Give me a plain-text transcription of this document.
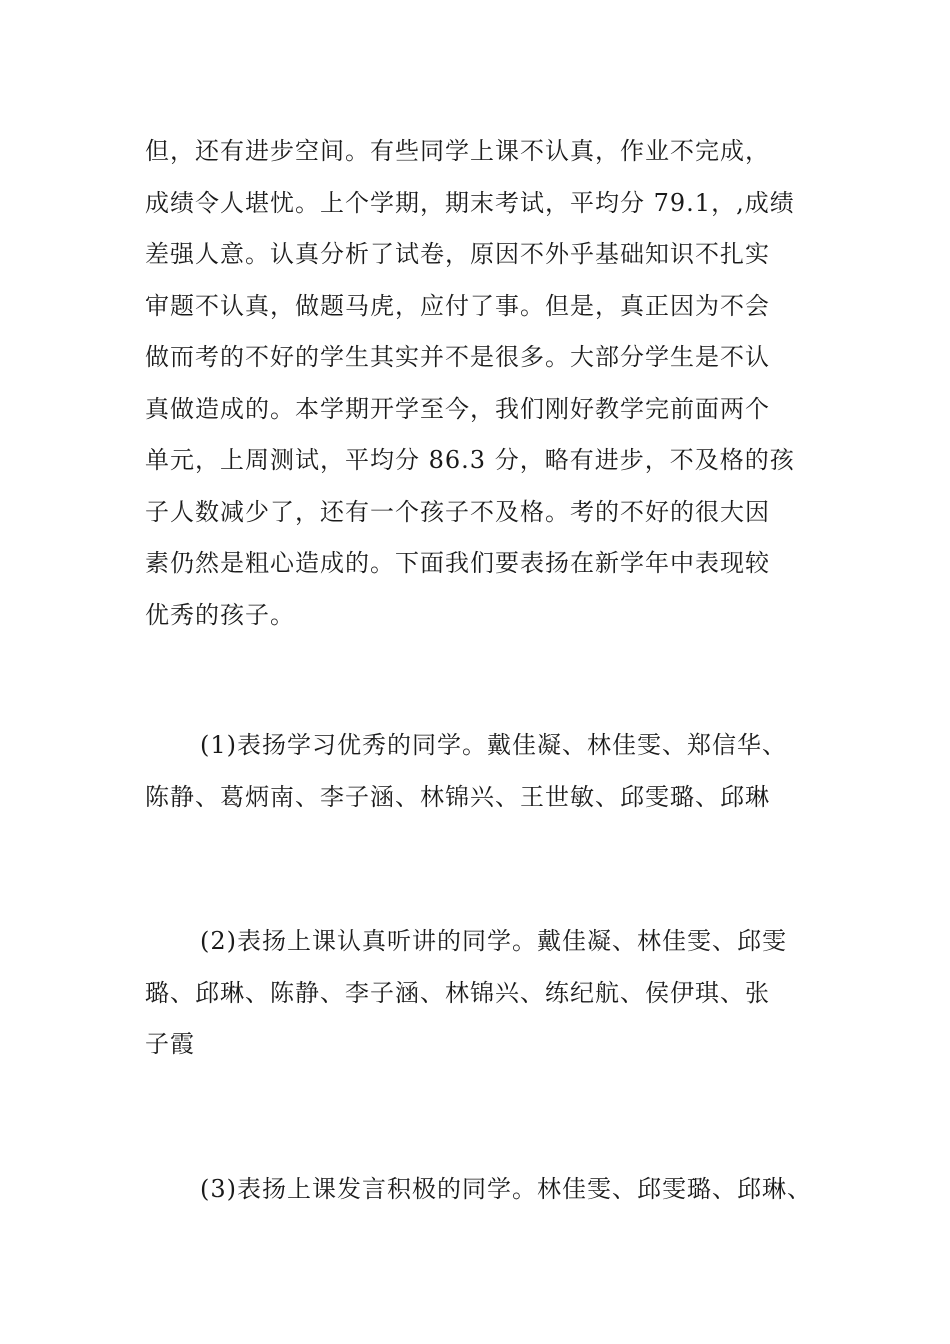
但，还有进步空间。有些同学上课不认真，作业不完成，
成绩令人堪忧。上个学期，期末考试，平均分 79.1，,成绩
差强人意。认真分析了试卷，原因不外乎基础知识不扎实
审题不认真，做题马虎，应付了事。但是，真正因为不会
做而考的不好的学生其实并不是很多。大部分学生是不认
真做造成的。本学期开学至今，我们刚好教学完前面两个
单元，上周测试，平均分 86.3 分，略有进步，不及格的孩
子人数减少了，还有一个孩子不及格。考的不好的很大因
素仍然是粗心造成的。下面我们要表扬在新学年中表现较
优秀的孩子。

(1)表扬学习优秀的同学。戴佳凝、林佳雯、郑信华、
陈静、葛炳南、李子涵、林锦兴、王世敏、邱雯璐、邱琳

(2)表扬上课认真听讲的同学。戴佳凝、林佳雯、邱雯
璐、邱琳、陈静、李子涵、林锦兴、练纪航、侯伊琪、张
子霞

(3)表扬上课发言积极的同学。林佳雯、邱雯璐、邱琳、
